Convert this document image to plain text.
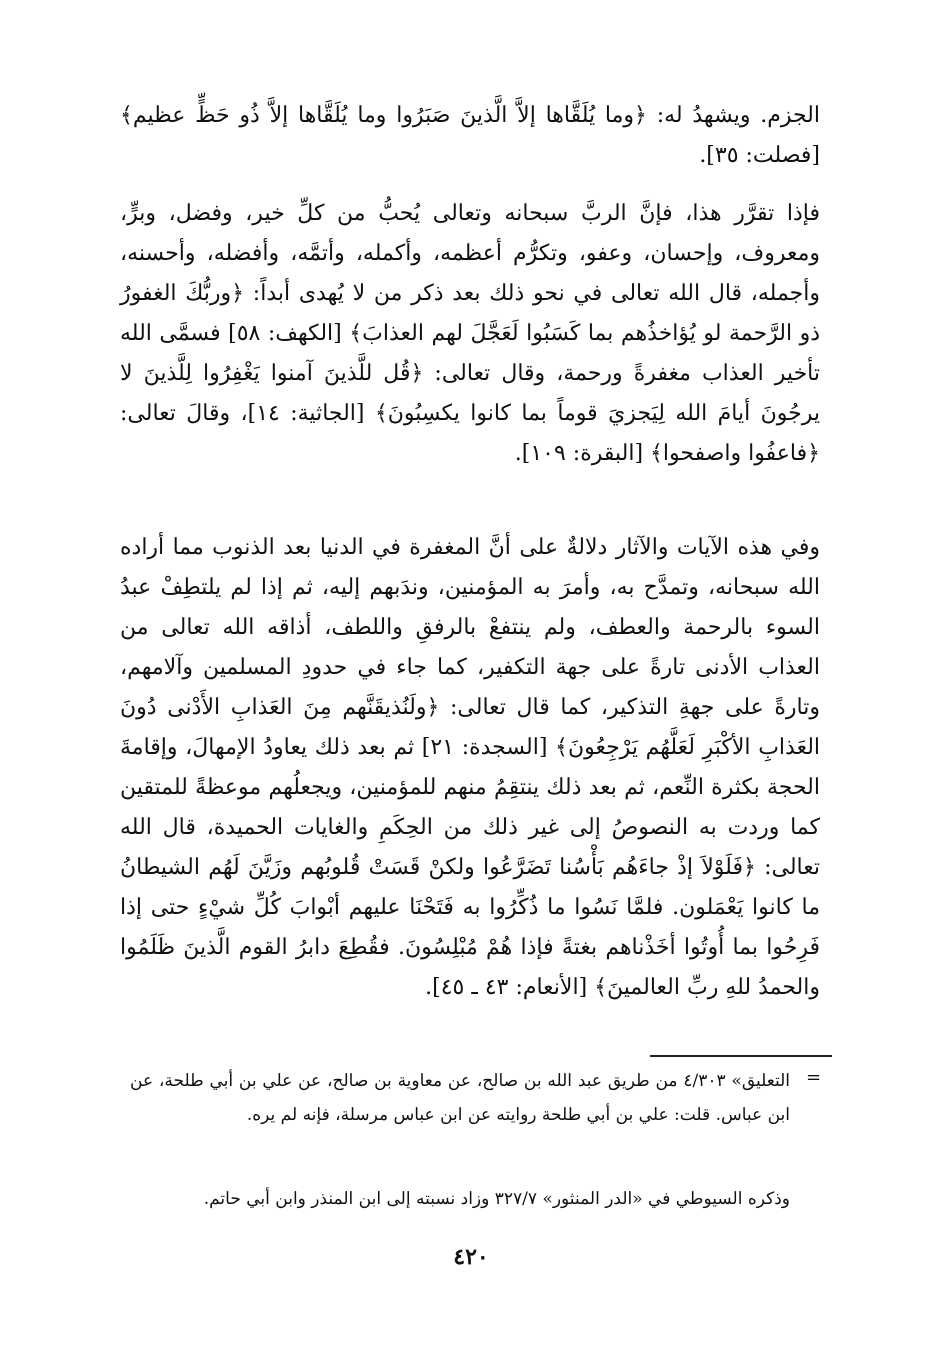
الجزم. ويشهدُ له: ﴿وما يُلَقَّاها إلاَّ الَّذينَ صَبَرُوا وما يُلَقَّاها إلاَّ ذُو حَظٍّ عظيم﴾ [فصلت: ٣٥].

فإذا تقرَّر هذا، فإنَّ الربَّ سبحانه وتعالى يُحبُّ من كلِّ خير، وفضل، وبرٍّ، ومعروف، وإحسان، وعفو، وتكرُّم أعظمه، وأكمله، وأتمَّه، وأفضله، وأحسنه، وأجمله، قال الله تعالى في نحو ذلك بعد ذكر من لا يُهدى أبداً: ﴿وربُّكَ الغفورُ ذو الرَّحمة لو يُؤاخذُهم بما كَسَبُوا لَعَجَّلَ لهم العذابَ﴾ [الكهف: ٥٨] فسمَّى الله تأخير العذاب مغفرةً ورحمة، وقال تعالى: ﴿قُل للَّذينَ آمنوا يَغْفِرُوا لِلَّذينَ لا يرجُونَ أيامَ الله لِيَجزيَ قوماً بما كانوا يكسِبُونَ﴾ [الجاثية: ١٤]، وقالَ تعالى: ﴿فاعفُوا واصفحوا﴾ [البقرة: ١٠٩].

وفي هذه الآيات والآثار دلالةٌ على أنَّ المغفرة في الدنيا بعد الذنوب مما أراده الله سبحانه، وتمدَّح به، وأمرَ به المؤمنين، وندَبهم إليه، ثم إذا لم يلتطِفْ عبدُ السوء بالرحمة والعطف، ولم ينتفعْ بالرفقِ واللطف، أذاقه الله تعالى من العذاب الأدنى تارةً على جهة التكفير، كما جاء في حدودِ المسلمين وآلامهم، وتارةً على جهةِ التذكير، كما قال تعالى: ﴿ولَنُذيقَنَّهم مِنَ العَذابِ الأَدْنى دُونَ العَذابِ الأكْبَرِ لَعَلَّهُم يَرْجِعُونَ﴾ [السجدة: ٢١] ثم بعد ذلك يعاودُ الإمهالَ، وإقامةَ الحجة بكثرة النِّعم، ثم بعد ذلك ينتقِمُ منهم للمؤمنين، ويجعلُهم موعظةً للمتقين كما وردت به النصوصُ إلى غير ذلك من الحِكَمِ والغايات الحميدة، قال الله تعالى: ﴿فَلَوْلاَ إذْ جاءَهُم بَأْسُنا تَضَرَّعُوا ولكنْ قَسَتْ قُلوبُهم وزَيَّنَ لَهُم الشيطانُ ما كانوا يَعْمَلون. فلمَّا نَسُوا ما ذُكِّرُوا به فَتَحْنَا عليهم أبْوابَ كُلِّ شيْءٍ حتى إذا فَرِحُوا بما أُوتُوا أخَذْناهم بغتةً فإذا هُمْ مُبْلِسُونَ. فقُطِعَ دابرُ القوم الَّذينَ ظَلَمُوا والحمدُ للهِ ربِّ العالمينَ﴾ [الأنعام: ٤٣ ـ ٤٥].

=

التعليق» ٤/٣٠٣ من طريق عبد الله بن صالح، عن معاوية بن صالح، عن علي بن أبي طلحة، عن ابن عباس. قلت: علي بن أبي طلحة روايته عن ابن عباس مرسلة، فإنه لم يره.

وذكره السيوطي في «الدر المنثور» ٣٢٧/٧ وزاد نسبته إلى ابن المنذر وابن أبي حاتم.

٤٢٠
